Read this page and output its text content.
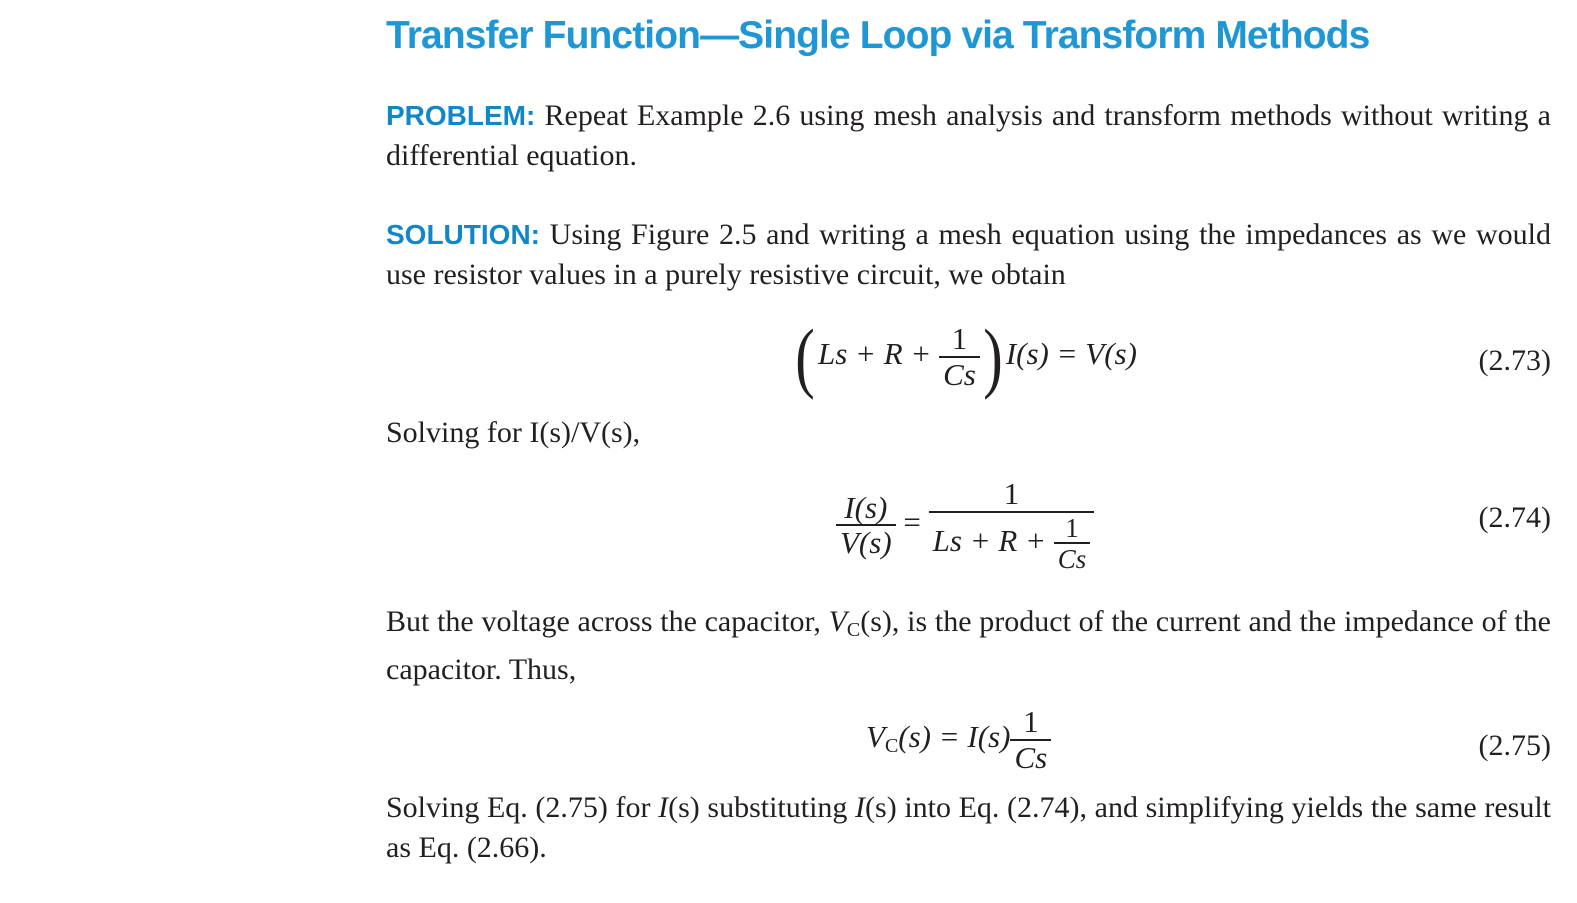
Transfer Function—Single Loop via Transform Methods

PROBLEM: Repeat Example 2.6 using mesh analysis and transform methods without writing a differential equation.

SOLUTION: Using Figure 2.5 and writing a mesh equation using the impedances as we would use resistor values in a purely resistive circuit, we obtain

( $Ls + R + \frac{1}{Cs}$ ) I(s) = V(s)	(2.73)

Solving for I(s)/V(s),

$\frac{I(s)}{V(s)} = \frac{1}{Ls + R + \frac{1}{Cs}}$	(2.74)

But the voltage across the capacitor, $V_C(s)$, is the product of the current and the impedance of the capacitor. Thus,

$V_C(s) = I(s) \frac{1}{Cs}$	(2.75)

Solving Eq. (2.75) for I(s) substituting I(s) into Eq. (2.74), and simplifying yields the same result as Eq. (2.66).
